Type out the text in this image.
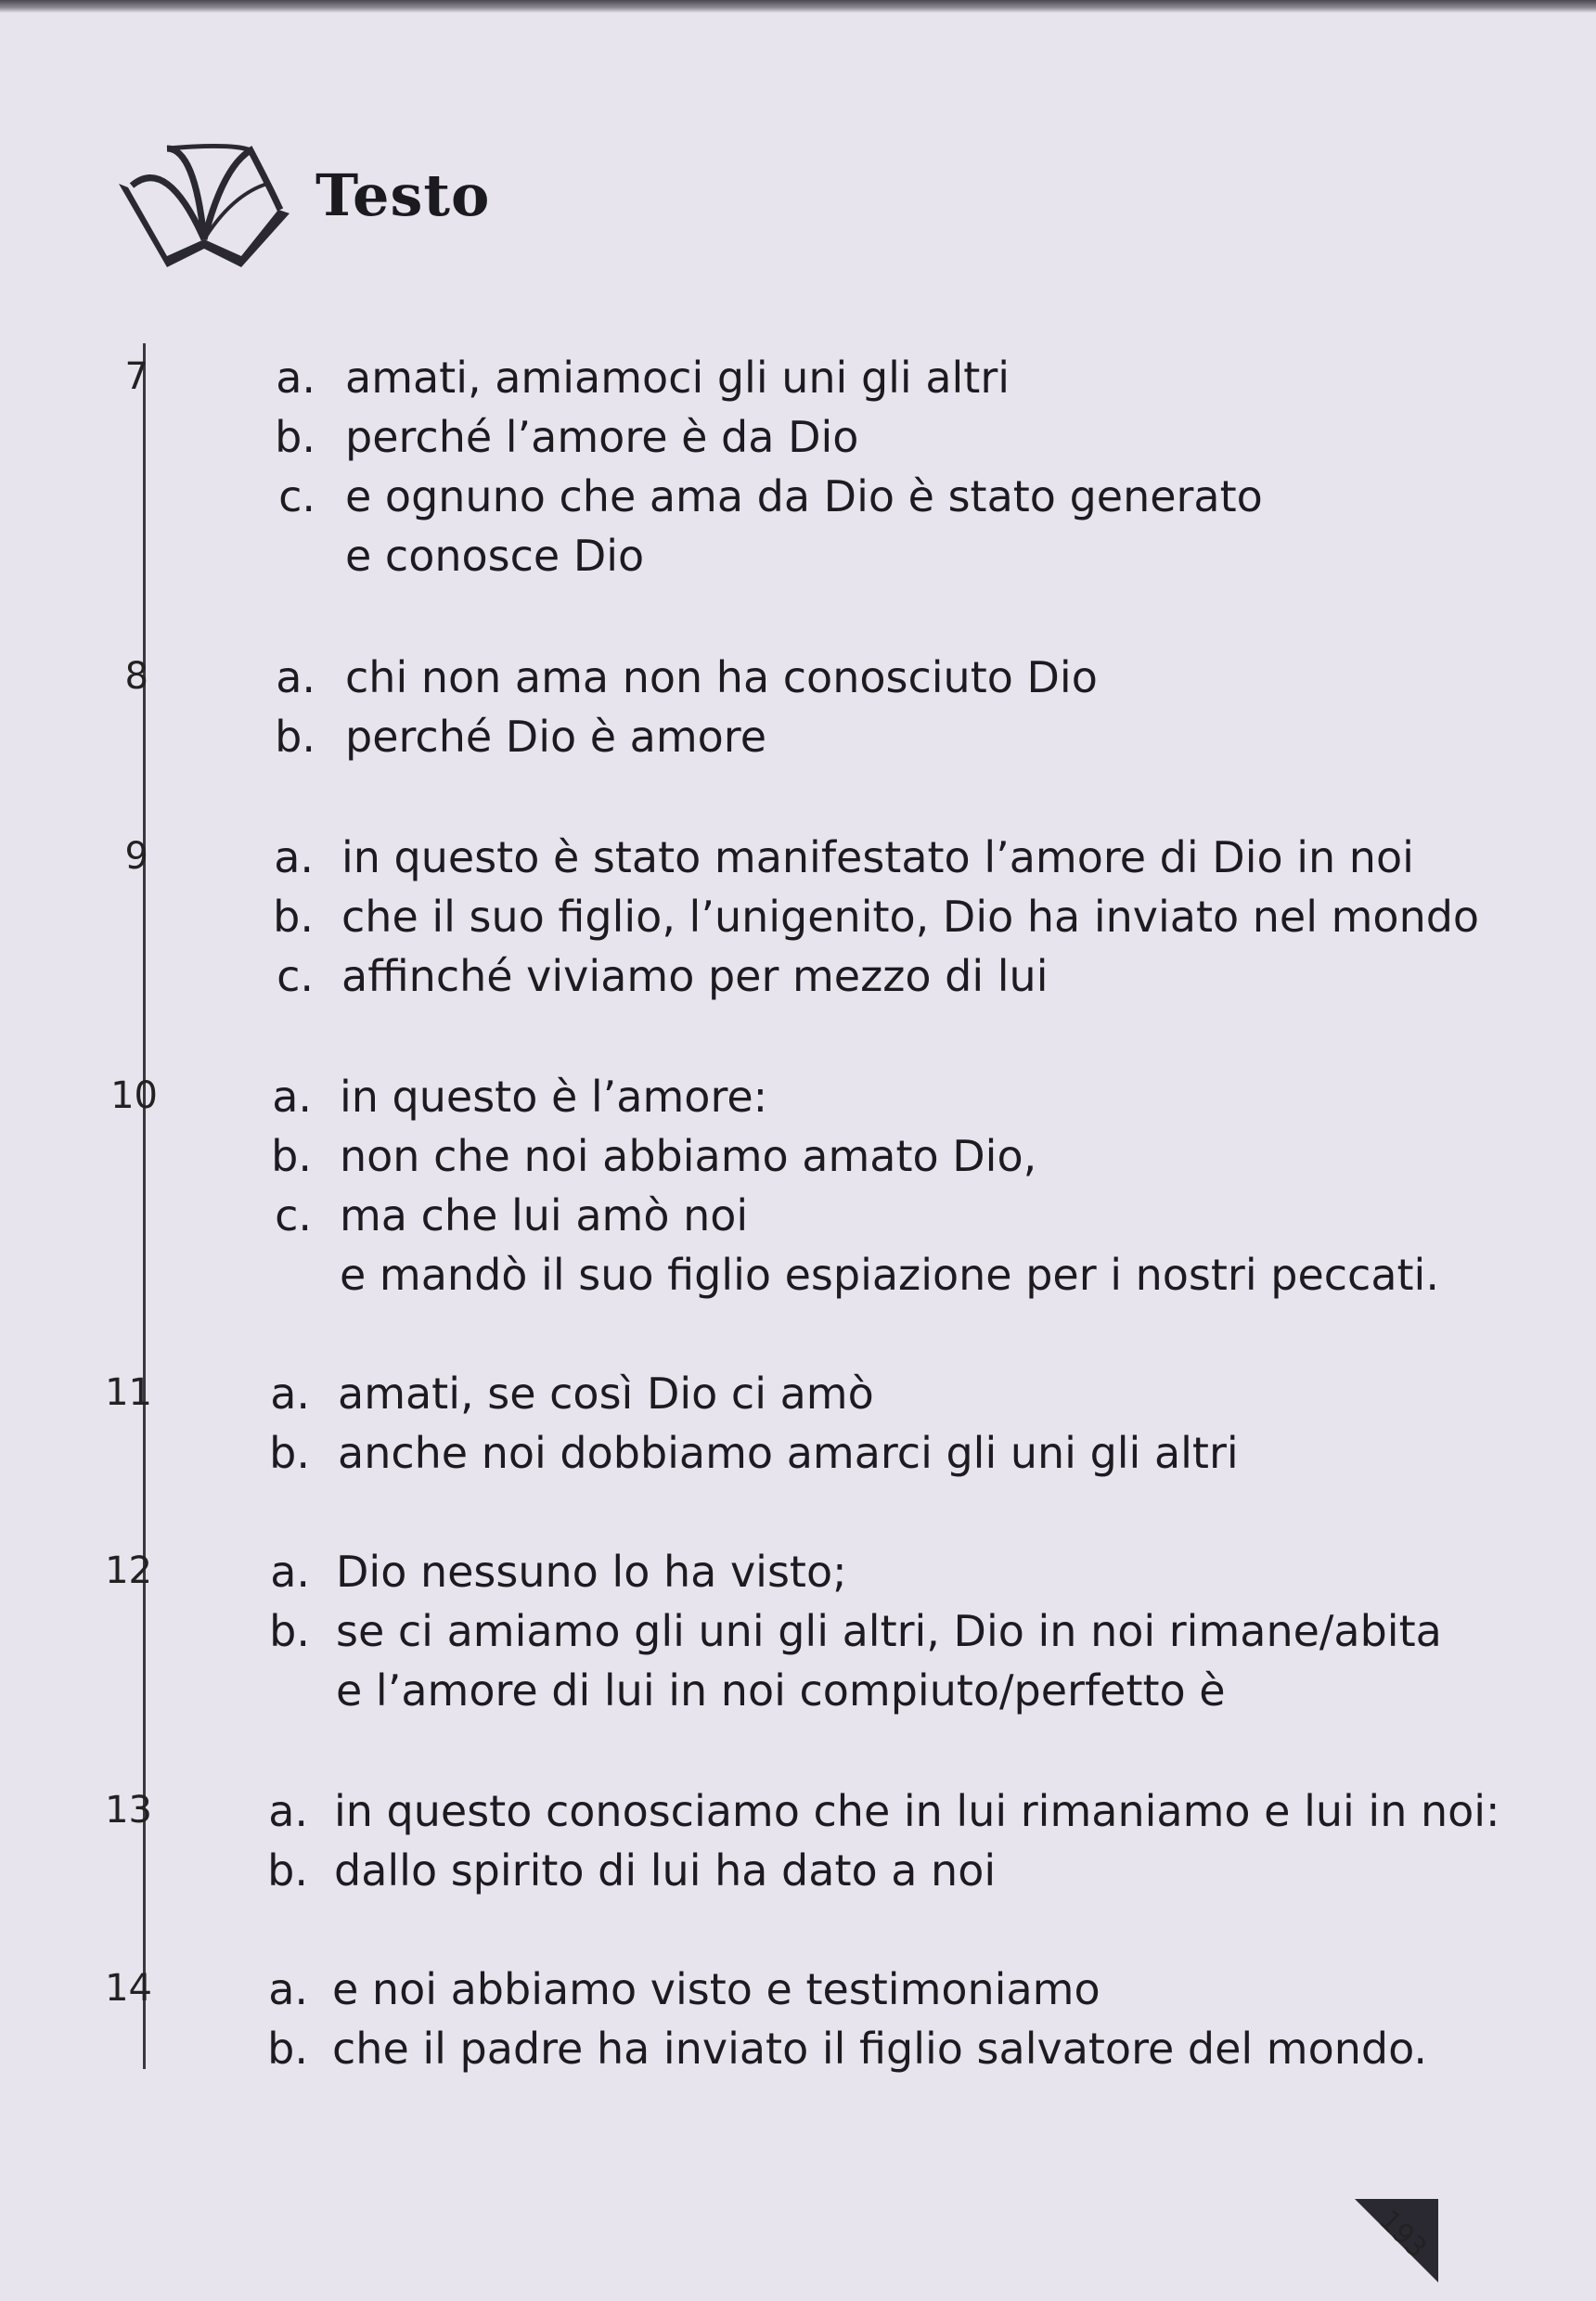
Testo
7	a. amati, amiamoci gli uni gli altri
b. perché l’amore è da Dio
c. e ognuno che ama da Dio è stato generato
e conosce Dio
8	a. chi non ama non ha conosciuto Dio
b. perché Dio è amore
9	a. in questo è stato manifestato l’amore di Dio in noi
b. che il suo figlio, l’unigenito, Dio ha inviato nel mondo
c. affinché viviamo per mezzo di lui
10	a. in questo è l’amore:
b. non che noi abbiamo amato Dio,
c. ma che lui amò noi
e mandò il suo figlio espiazione per i nostri peccati.
11	a. amati, se così Dio ci amò
b. anche noi dobbiamo amarci gli uni gli altri
12	a. Dio nessuno lo ha visto;
b. se ci amiamo gli uni gli altri, Dio in noi rimane/abita
e l’amore di lui in noi compiuto/perfetto è
13	a. in questo conosciamo che in lui rimaniamo e lui in noi:
b. dallo spirito di lui ha dato a noi
14	a. e noi abbiamo visto e testimoniamo
b. che il padre ha inviato il figlio salvatore del mondo.
193
